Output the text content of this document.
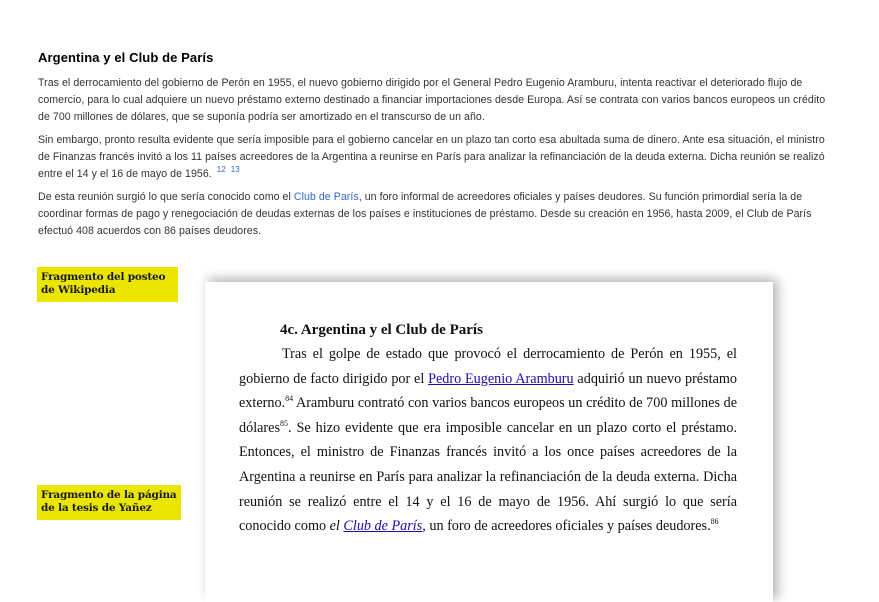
Argentina y el Club de París

Tras el derrocamiento del gobierno de Perón en 1955, el nuevo gobierno dirigido por el General Pedro Eugenio Aramburu, intenta reactivar el deteriorado flujo de comercio, para lo cual adquiere un nuevo préstamo externo destinado a financiar importaciones desde Europa. Así se contrata con varios bancos europeos un crédito de 700 millones de dólares, que se suponía podría ser amortizado en el transcurso de un año.

Sin embargo, pronto resulta evidente que sería imposible para el gobierno cancelar en un plazo tan corto esa abultada suma de dinero. Ante esa situación, el ministro de Finanzas francés invitó a los 11 países acreedores de la Argentina a reunirse en París para analizar la refinanciación de la deuda externa. Dicha reunión se realizó entre el 14 y el 16 de mayo de 1956. $^{12}$ $^{13}$

De esta reunión surgió lo que sería conocido como el Club de París, un foro informal de acreedores oficiales y países deudores. Su función primordial sería la de coordinar formas de pago y renegociación de deudas externas de los países e instituciones de préstamo. Desde su creación en 1956, hasta 2009, el Club de París efectuó 408 acuerdos con 86 países deudores.

Fragmento del posteo
de Wikipedia
4c. Argentina y el Club de París

Tras el golpe de estado que provocó el derrocamiento de Perón en 1955, el gobierno de facto dirigido por el Pedro Eugenio Aramburu adquirió un nuevo préstamo externo.$^{84}$ Aramburu contrató con varios bancos europeos un crédito de 700 millones de dólares$^{85}$. Se hizo evidente que era imposible cancelar en un plazo corto el préstamo. Entonces, el ministro de Finanzas francés invitó a los once países acreedores de la Argentina a reunirse en París para analizar la refinanciación de la deuda externa. Dicha reunión se realizó entre el 14 y el 16 de mayo de 1956. Ahí surgió lo que sería conocido como el Club de París, un foro de acreedores oficiales y países deudores.$^{86}$

Fragmento de la página
de la tesis de Yañez
